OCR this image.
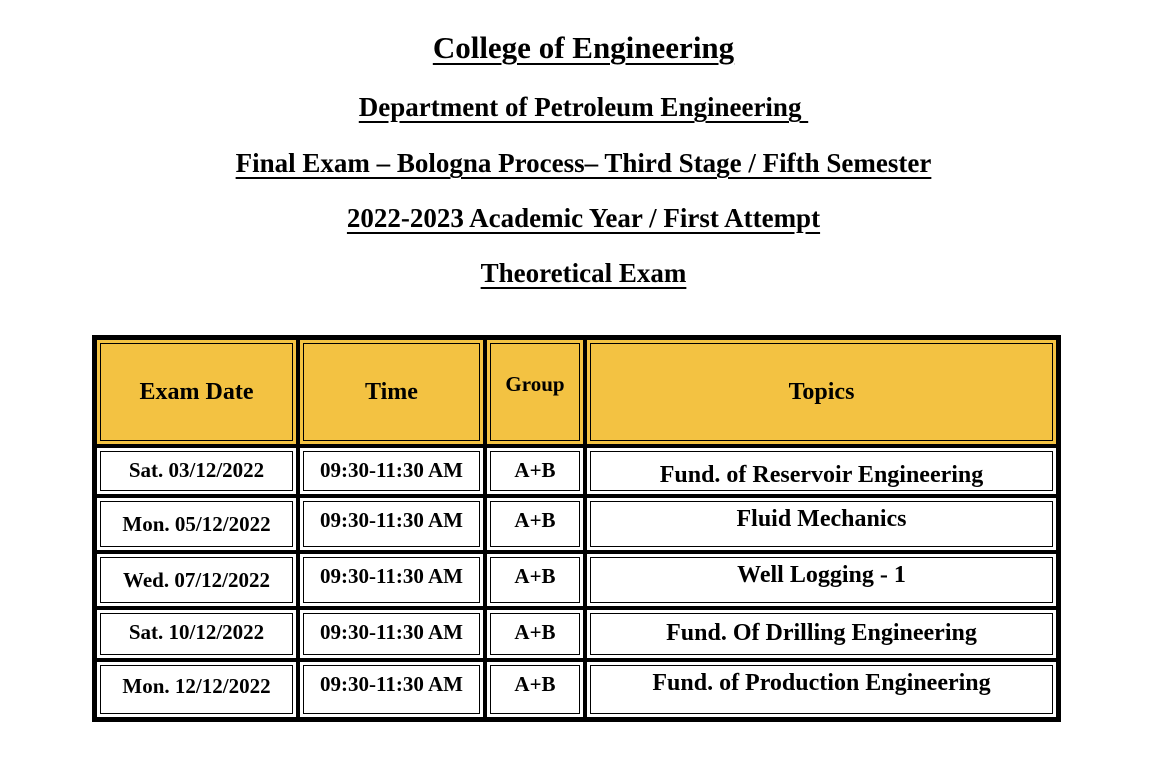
College of Engineering
Department of Petroleum Engineering
Final Exam – Bologna Process– Third Stage / Fifth Semester
2022-2023 Academic Year / First Attempt
Theoretical Exam
Exam Date	Time	Group	Topics
Sat. 03/12/2022	09:30-11:30 AM	A+B	Fund. of Reservoir Engineering
Mon. 05/12/2022	09:30-11:30 AM	A+B	Fluid Mechanics
Wed. 07/12/2022	09:30-11:30 AM	A+B	Well Logging - 1
Sat. 10/12/2022	09:30-11:30 AM	A+B	Fund. Of Drilling Engineering
Mon. 12/12/2022	09:30-11:30 AM	A+B	Fund. of Production Engineering
